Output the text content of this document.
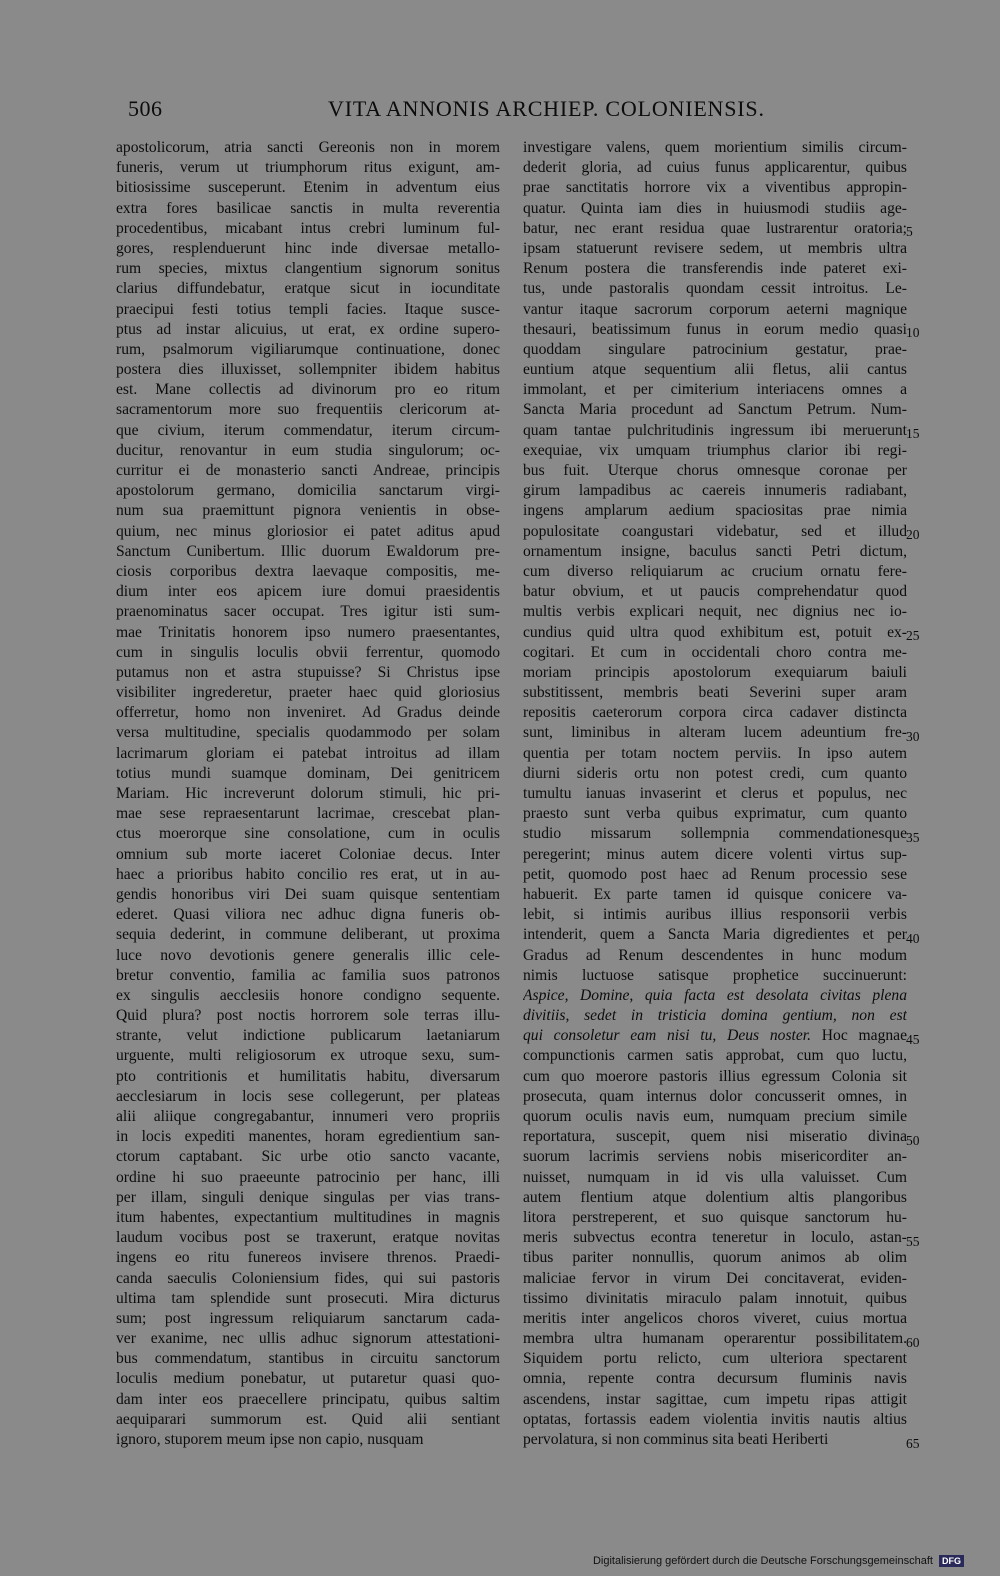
506	VITA ANNONIS ARCHIEP. COLONIENSIS.
apostolicorum, atria sancti Gereonis non in morem
funeris, verum ut triumphorum ritus exigunt, am-
bitiosissime susceperunt. Etenim in adventum eius
extra fores basilicae sanctis in multa reverentia
procedentibus, micabant intus crebri luminum ful-
gores, resplenduerunt hinc inde diversae metallo-
rum species, mixtus clangentium signorum sonitus
clarius diffundebatur, eratque sicut in iocunditate
praecipui festi totius templi facies. Itaque susce-
ptus ad instar alicuius, ut erat, ex ordine supero-
rum, psalmorum vigiliarumque continuatione, donec
postera dies illuxisset, sollempniter ibidem habitus
est. Mane collectis ad divinorum pro eo ritum
sacramentorum more suo frequentiis clericorum at-
que civium, iterum commendatur, iterum circum-
ducitur, renovantur in eum studia singulorum; oc-
curritur ei de monasterio sancti Andreae, principis
apostolorum germano, domicilia sanctarum virgi-
num sua praemittunt pignora venientis in obse-
quium, nec minus gloriosior ei patet aditus apud
Sanctum Cunibertum. Illic duorum Ewaldorum pre-
ciosis corporibus dextra laevaque compositis, me-
dium inter eos apicem iure domui praesidentis
praenominatus sacer occupat. Tres igitur isti sum-
mae Trinitatis honorem ipso numero praesentantes,
cum in singulis loculis obvii ferrentur, quomodo
putamus non et astra stupuisse? Si Christus ipse
visibiliter ingrederetur, praeter haec quid gloriosius
offerretur, homo non inveniret. Ad Gradus deinde
versa multitudine, specialis quodammodo per solam
lacrimarum gloriam ei patebat introitus ad illam
totius mundi suamque dominam, Dei genitricem
Mariam. Hic increverunt dolorum stimuli, hic pri-
mae sese repraesentarunt lacrimae, crescebat plan-
ctus moerorque sine consolatione, cum in oculis
omnium sub morte iaceret Coloniae decus. Inter
haec a prioribus habito concilio res erat, ut in au-
gendis honoribus viri Dei suam quisque sententiam
ederet. Quasi viliora nec adhuc digna funeris ob-
sequia dederint, in commune deliberant, ut proxima
luce novo devotionis genere generalis illic cele-
bretur conventio, familia ac familia suos patronos
ex singulis aecclesiis honore condigno sequente.
Quid plura? post noctis horrorem sole terras illu-
strante, velut indictione publicarum laetaniarum
urguente, multi religiosorum ex utroque sexu, sum-
pto contritionis et humilitatis habitu, diversarum
aecclesiarum in locis sese collegerunt, per plateas
alii aliique congregabantur, innumeri vero propriis
in locis expediti manentes, horam egredientium san-
ctorum captabant. Sic urbe otio sancto vacante,
ordine hi suo praeeunte patrocinio per hanc, illi
per illam, singuli denique singulas per vias trans-
itum habentes, expectantium multitudines in magnis
laudum vocibus post se traxerunt, eratque novitas
ingens eo ritu funereos invisere threnos. Praedi-
canda saeculis Coloniensium fides, qui sui pastoris
ultima tam splendide sunt prosecuti. Mira dicturus
sum; post ingressum reliquiarum sanctarum cada-
ver exanime, nec ullis adhuc signorum attestationi-
bus commendatum, stantibus in circuitu sanctorum
loculis medium ponebatur, ut putaretur quasi quo-
dam inter eos praecellere principatu, quibus saltim
aequiparari summorum est. Quid alii sentiant
ignoro, stuporem meum ipse non capio, nusquam
investigare valens, quem morientium similis circum-
dederit gloria, ad cuius funus applicarentur, quibus
prae sanctitatis horrore vix a viventibus appropin-
quatur. Quinta iam dies in huiusmodi studiis age-
batur, nec erant residua quae lustrarentur oratoria;
ipsam statuerunt revisere sedem, ut membris ultra
Renum postera die transferendis inde pateret exi-
tus, unde pastoralis quondam cessit introitus. Le-
vantur itaque sacrorum corporum aeterni magnique
thesauri, beatissimum funus in eorum medio quasi
quoddam singulare patrocinium gestatur, prae-
euntium atque sequentium alii fletus, alii cantus
immolant, et per cimiterium interiacens omnes a
Sancta Maria procedunt ad Sanctum Petrum. Num-
quam tantae pulchritudinis ingressum ibi meruerunt
exequiae, vix umquam triumphus clarior ibi regi-
bus fuit. Uterque chorus omnesque coronae per
girum lampadibus ac caereis innumeris radiabant,
ingens amplarum aedium spaciositas prae nimia
populositate coangustari videbatur, sed et illud
ornamentum insigne, baculus sancti Petri dictum,
cum diverso reliquiarum ac crucium ornatu fere-
batur obvium, et ut paucis comprehendatur quod
multis verbis explicari nequit, nec dignius nec io-
cundius quid ultra quod exhibitum est, potuit ex-
cogitari. Et cum in occidentali choro contra me-
moriam principis apostolorum exequiarum baiuli
substitissent, membris beati Severini super aram
repositis caeterorum corpora circa cadaver distincta
sunt, liminibus in alteram lucem adeuntium fre-
quentia per totam noctem perviis. In ipso autem
diurni sideris ortu non potest credi, cum quanto
tumultu ianuas invaserint et clerus et populus, nec
praesto sunt verba quibus exprimatur, cum quanto
studio missarum sollempnia commendationesque
peregerint; minus autem dicere volenti virtus sup-
petit, quomodo post haec ad Renum processio sese
habuerit. Ex parte tamen id quisque conicere va-
lebit, si intimis auribus illius responsorii verbis
intenderit, quem a Sancta Maria digredientes et per
Gradus ad Renum descendentes in hunc modum
nimis luctuose satisque prophetice succinuerunt:
Aspice, Domine, quia facta est desolata civitas plena
divitiis, sedet in tristicia domina gentium, non est
qui consoletur eam nisi tu, Deus noster. Hoc magnae
compunctionis carmen satis approbat, cum quo luctu,
cum quo moerore pastoris illius egressum Colonia sit
prosecuta, quam internus dolor concusserit omnes, in
quorum oculis navis eum, numquam precium simile
reportatura, suscepit, quem nisi miseratio divina
suorum lacrimis serviens nobis misericorditer an-
nuisset, numquam in id vis ulla valuisset. Cum
autem flentium atque dolentium altis plangoribus
litora perstreperent, et suo quisque sanctorum hu-
meris subvectus econtra teneretur in loculo, astan-
tibus pariter nonnullis, quorum animos ab olim
maliciae fervor in virum Dei concitaverat, eviden-
tissimo divinitatis miraculo palam innotuit, quibus
meritis inter angelicos choros viveret, cuius mortua
membra ultra humanam operarentur possibilitatem.
Siquidem portu relicto, cum ulteriora spectarent
omnia, repente contra decursum fluminis navis
ascendens, instar sagittae, cum impetu ripas attigit
optatas, fortassis eadem violentia invitis nautis altius
pervolatura, si non comminus sita beati Heriberti
5
10
15
20
25
30
35
40
45
50
55
60
65
Digitalisierung gefördert durch die Deutsche Forschungsgemeinschaft DFG
